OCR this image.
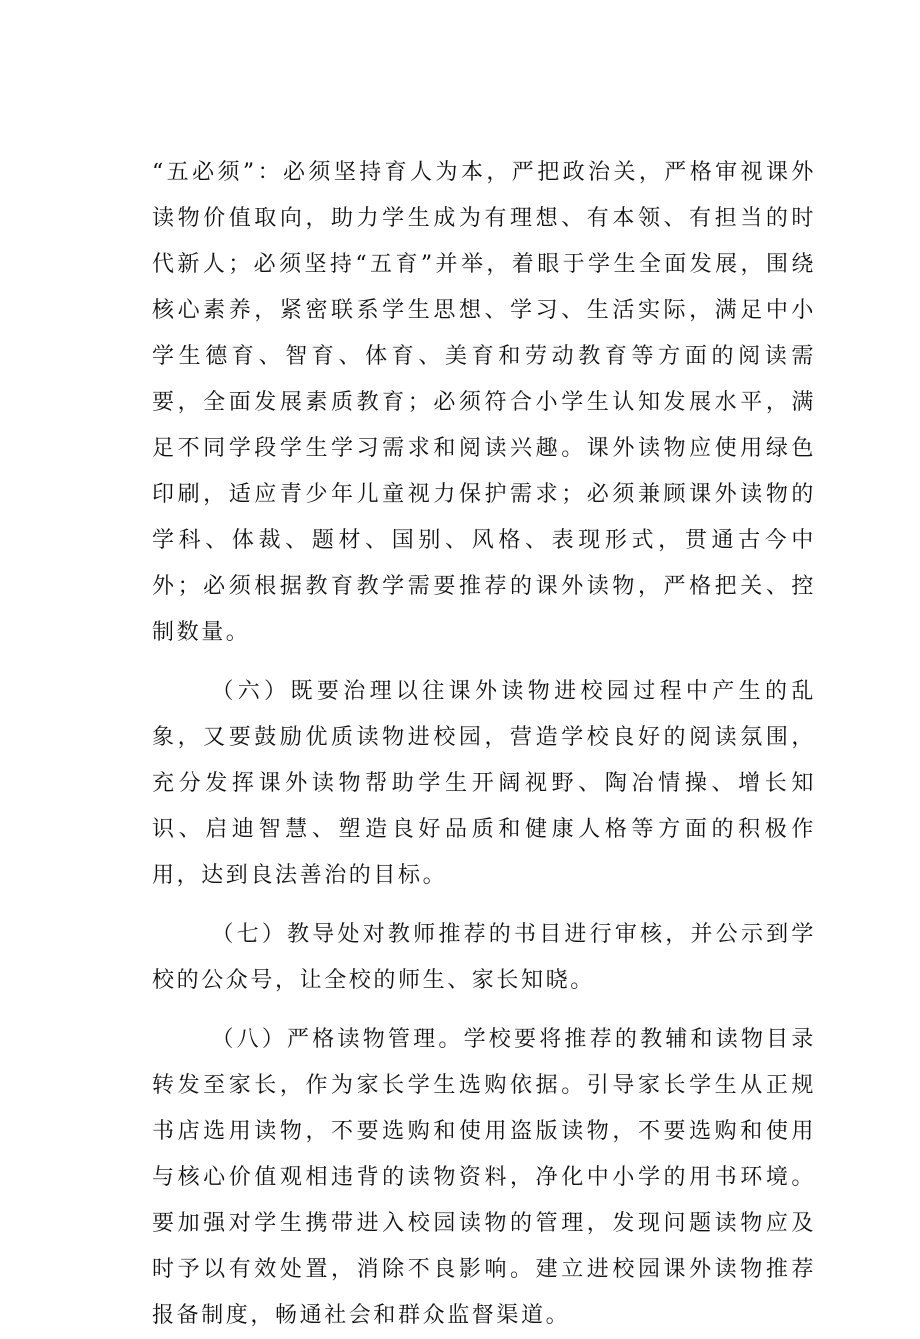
“五必须”：必须坚持育人为本，严把政治关，严格审视课外读物价值取向，助力学生成为有理想、有本领、有担当的时代新人；必须坚持“五育”并举，着眼于学生全面发展，围绕核心素养，紧密联系学生思想、学习、生活实际，满足中小学生德育、智育、体育、美育和劳动教育等方面的阅读需要，全面发展素质教育；必须符合小学生认知发展水平，满足不同学段学生学习需求和阅读兴趣。课外读物应使用绿色印刷，适应青少年儿童视力保护需求；必须兼顾课外读物的学科、体裁、题材、国别、风格、表现形式，贯通古今中外；必须根据教育教学需要推荐的课外读物，严格把关、控制数量。

（六）既要治理以往课外读物进校园过程中产生的乱象，又要鼓励优质读物进校园，营造学校良好的阅读氛围，充分发挥课外读物帮助学生开阔视野、陶冶情操、增长知识、启迪智慧、塑造良好品质和健康人格等方面的积极作用，达到良法善治的目标。

（七）教导处对教师推荐的书目进行审核，并公示到学校的公众号，让全校的师生、家长知晓。

（八）严格读物管理。学校要将推荐的教辅和读物目录转发至家长，作为家长学生选购依据。引导家长学生从正规书店选用读物，不要选购和使用盗版读物，不要选购和使用与核心价值观相违背的读物资料，净化中小学的用书环境。要加强对学生携带进入校园读物的管理，发现问题读物应及时予以有效处置，消除不良影响。建立进校园课外读物推荐报备制度，畅通社会和群众监督渠道。
